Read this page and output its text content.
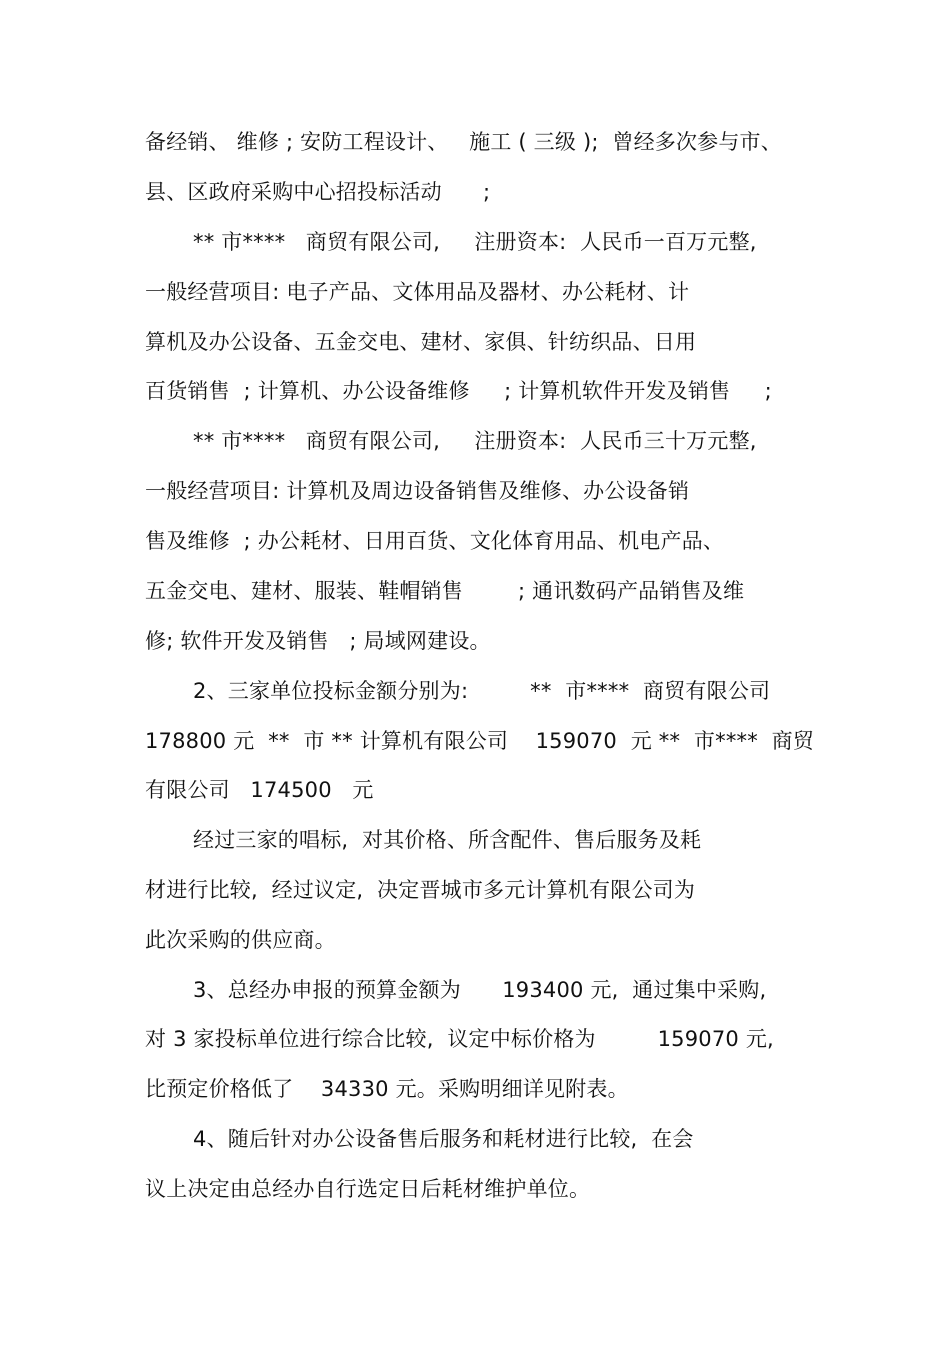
备经销、 维修 ; 安防工程设计、   施工 ( 三级 );  曾经多次参与市、
县、区政府采购中心招投标活动      ;
** 市****   商贸有限公司,     注册资本:  人民币一百万元整,
一般经营项目: 电子产品、文体用品及器材、办公耗材、计
算机及办公设备、五金交电、建材、家俱、针纺织品、日用
百货销售  ; 计算机、办公设备维修     ; 计算机软件开发及销售     ;
** 市****   商贸有限公司,     注册资本:  人民币三十万元整,
一般经营项目: 计算机及周边设备销售及维修、办公设备销
售及维修  ; 办公耗材、日用百货、文化体育用品、机电产品、
五金交电、建材、服装、鞋帽销售        ; 通讯数码产品销售及维
修; 软件开发及销售   ; 局域网建设。
2、三家单位投标金额分别为:         **  市****  商贸有限公司
178800 元  **  市 ** 计算机有限公司    159070  元 **  市****  商贸
有限公司   174500   元
经过三家的唱标,  对其价格、所含配件、售后服务及耗
材进行比较,  经过议定,  决定晋城市多元计算机有限公司为
此次采购的供应商。
3、总经办申报的预算金额为      193400 元,  通过集中采购,
对 3 家投标单位进行综合比较,  议定中标价格为         159070 元,
比预定价格低了    34330 元。采购明细详见附表。
4、随后针对办公设备售后服务和耗材进行比较,  在会
议上决定由总经办自行选定日后耗材维护单位。
